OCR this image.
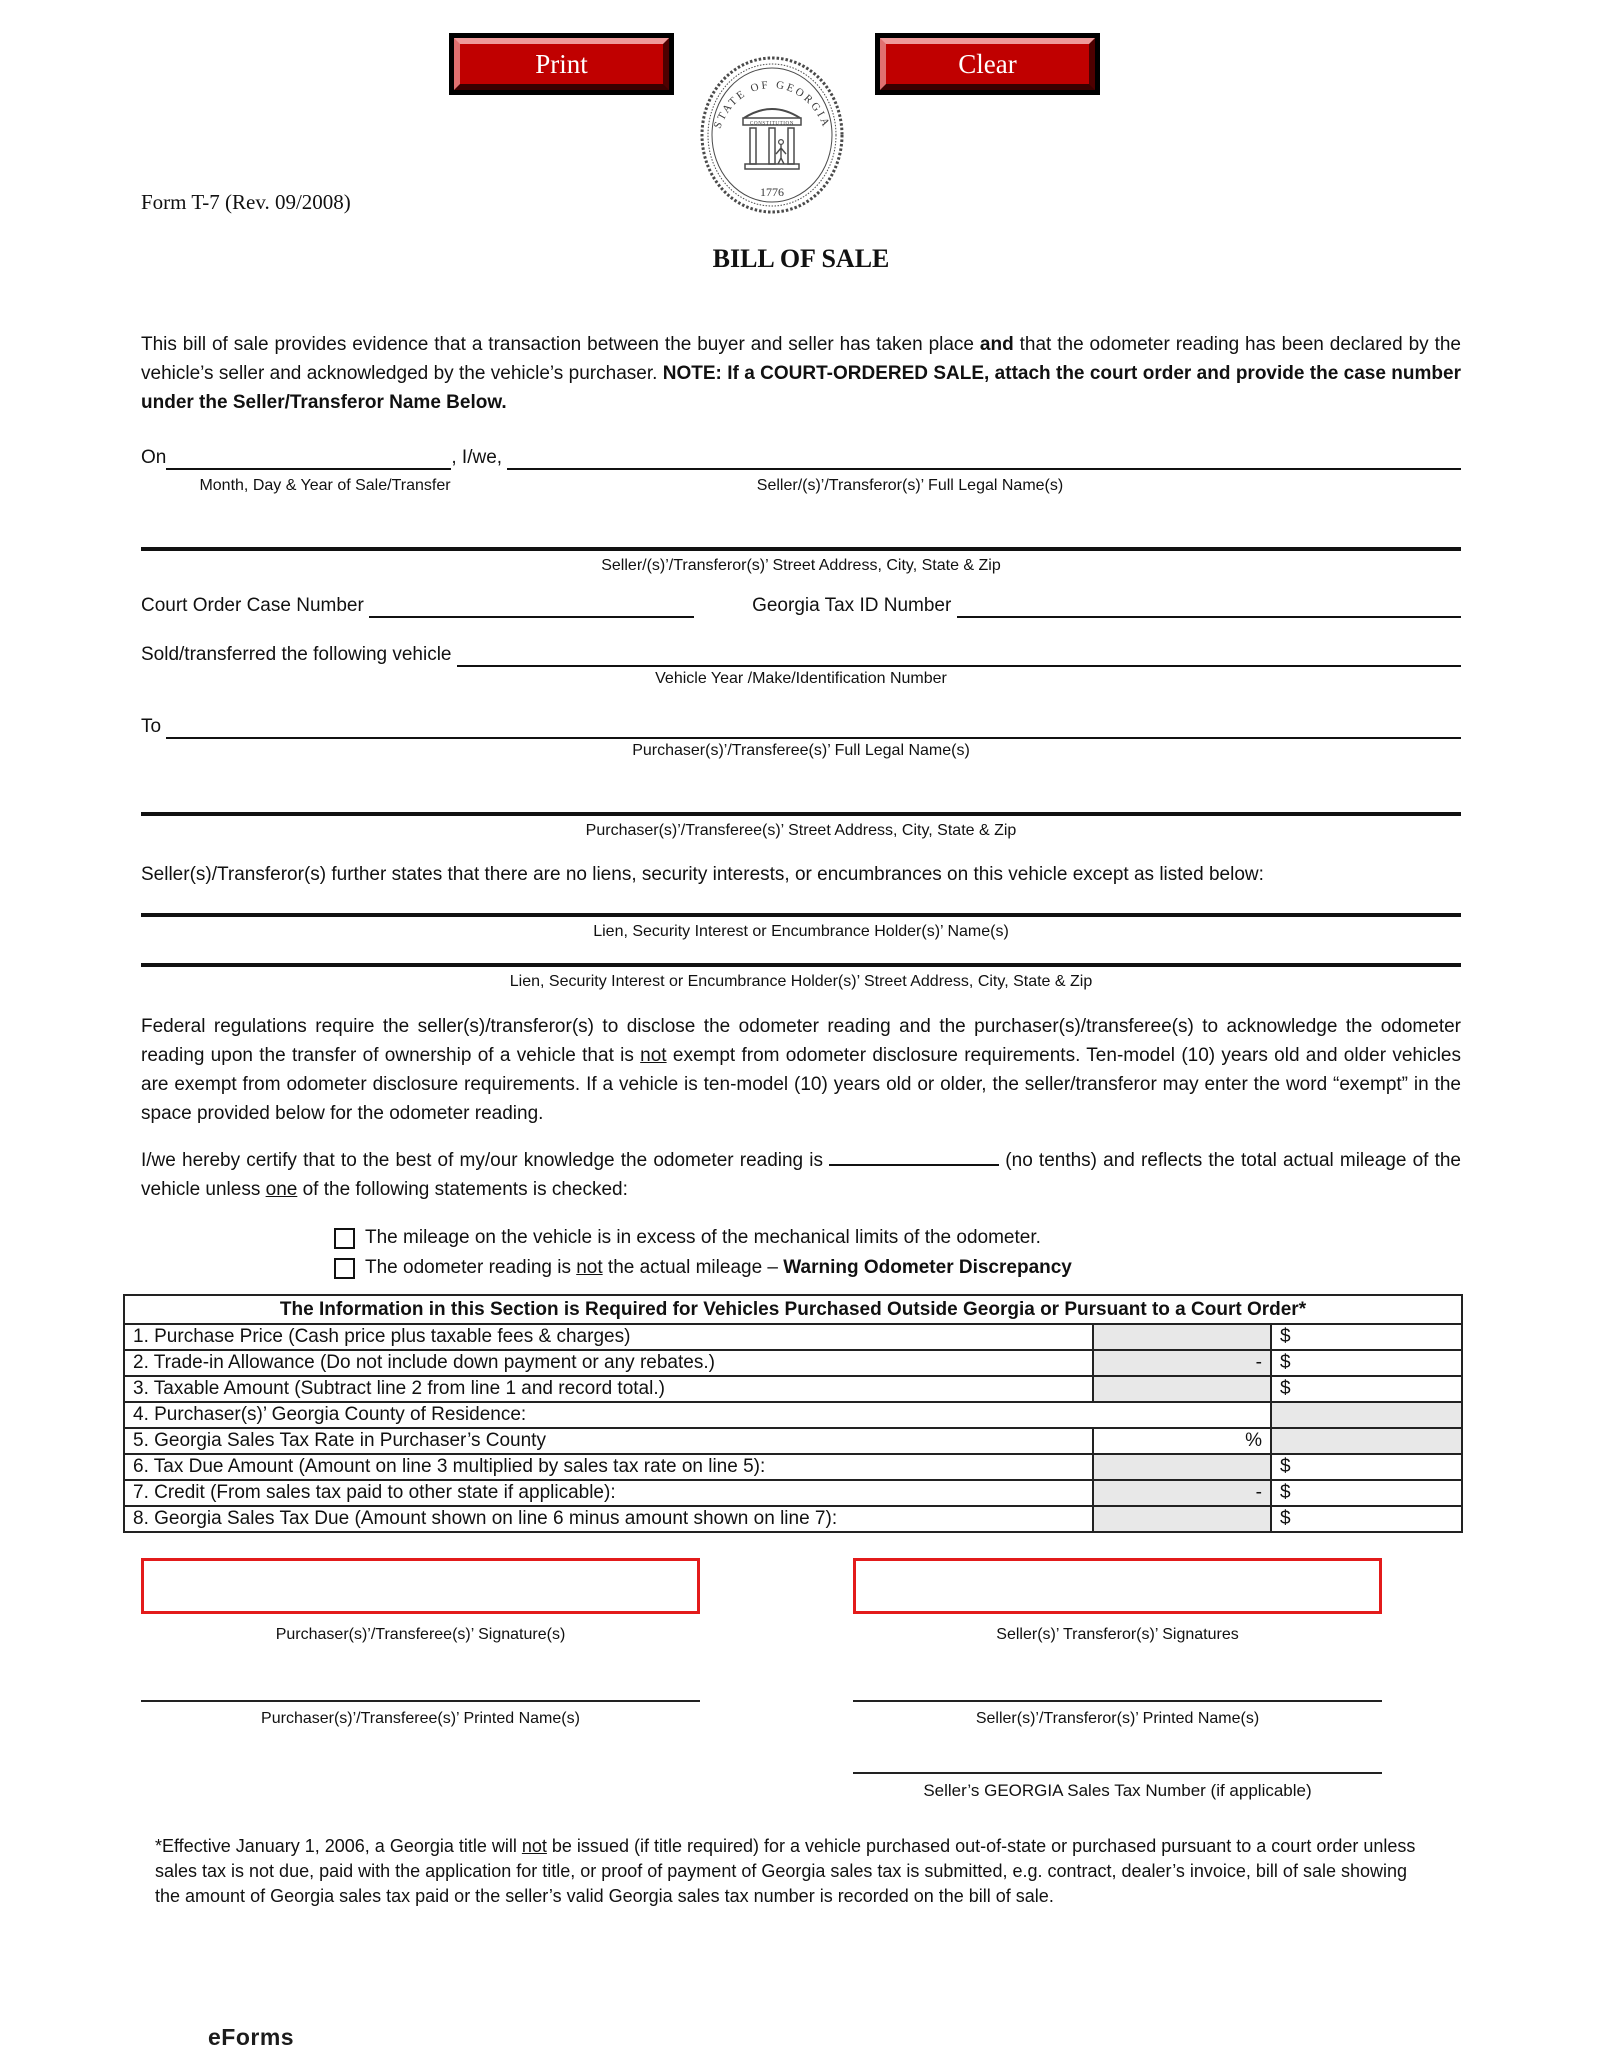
Print	Clear
STATE OF GEORGIA
CONSTITUTION
1776
Form T-7 (Rev. 09/2008)
BILL OF SALE
This bill of sale provides evidence that a transaction between the buyer and seller has taken place and that the odometer reading has been declared by the vehicle’s seller and acknowledged by the vehicle’s purchaser. NOTE: If a COURT-ORDERED SALE, attach the court order and provide the case number under the Seller/Transferor Name Below.
On	, I/we,
Month, Day & Year of Sale/Transfer	Seller/(s)’/Transferor(s)’ Full Legal Name(s)
Seller/(s)’/Transferor(s)’ Street Address, City, State & Zip
Court Order Case Number	Georgia Tax ID Number
Sold/transferred the following vehicle
Vehicle Year /Make/Identification Number
To
Purchaser(s)’/Transferee(s)’ Full Legal Name(s)
Purchaser(s)’/Transferee(s)’ Street Address, City, State & Zip
Seller(s)/Transferor(s) further states that there are no liens, security interests, or encumbrances on this vehicle except as listed below:
Lien, Security Interest or Encumbrance Holder(s)’ Name(s)
Lien, Security Interest or Encumbrance Holder(s)’ Street Address, City, State & Zip
Federal regulations require the seller(s)/transferor(s) to disclose the odometer reading and the purchaser(s)/transferee(s) to acknowledge the odometer reading upon the transfer of ownership of a vehicle that is not exempt from odometer disclosure requirements. Ten-model (10) years old and older vehicles are exempt from odometer disclosure requirements. If a vehicle is ten-model (10) years old or older, the seller/transferor may enter the word “exempt” in the space provided below for the odometer reading.
I/we hereby certify that to the best of my/our knowledge the odometer reading is	(no tenths) and reflects the total actual mileage of the vehicle unless one of the following statements is checked:
The mileage on the vehicle is in excess of the mechanical limits of the odometer.
The odometer reading is not the actual mileage – Warning Odometer Discrepancy
The Information in this Section is Required for Vehicles Purchased Outside Georgia or Pursuant to a Court Order*		
1. Purchase Price (Cash price plus taxable fees & charges)		$
2. Trade-in Allowance (Do not include down payment or any rebates.)	-	$
3. Taxable Amount (Subtract line 2 from line 1 and record total.)		$
4. Purchaser(s)’ Georgia County of Residence:		
5. Georgia Sales Tax Rate in Purchaser’s County	%	
6. Tax Due Amount (Amount on line 3 multiplied by sales tax rate on line 5):		$
7. Credit (From sales tax paid to other state if applicable):	-	$
8. Georgia Sales Tax Due (Amount shown on line 6 minus amount shown on line 7):		$
Purchaser(s)’/Transferee(s)’ Signature(s)	Seller(s)’ Transferor(s)’ Signatures
Purchaser(s)’/Transferee(s)’ Printed Name(s)	Seller(s)’/Transferor(s)’ Printed Name(s)
Seller’s GEORGIA Sales Tax Number (if applicable)
*Effective January 1, 2006, a Georgia title will not be issued (if title required) for a vehicle purchased out-of-state or purchased pursuant to a court order unless sales tax is not due, paid with the application for title, or proof of payment of Georgia sales tax is submitted, e.g. contract, dealer’s invoice, bill of sale showing the amount of Georgia sales tax paid or the seller’s valid Georgia sales tax number is recorded on the bill of sale.
eForms
